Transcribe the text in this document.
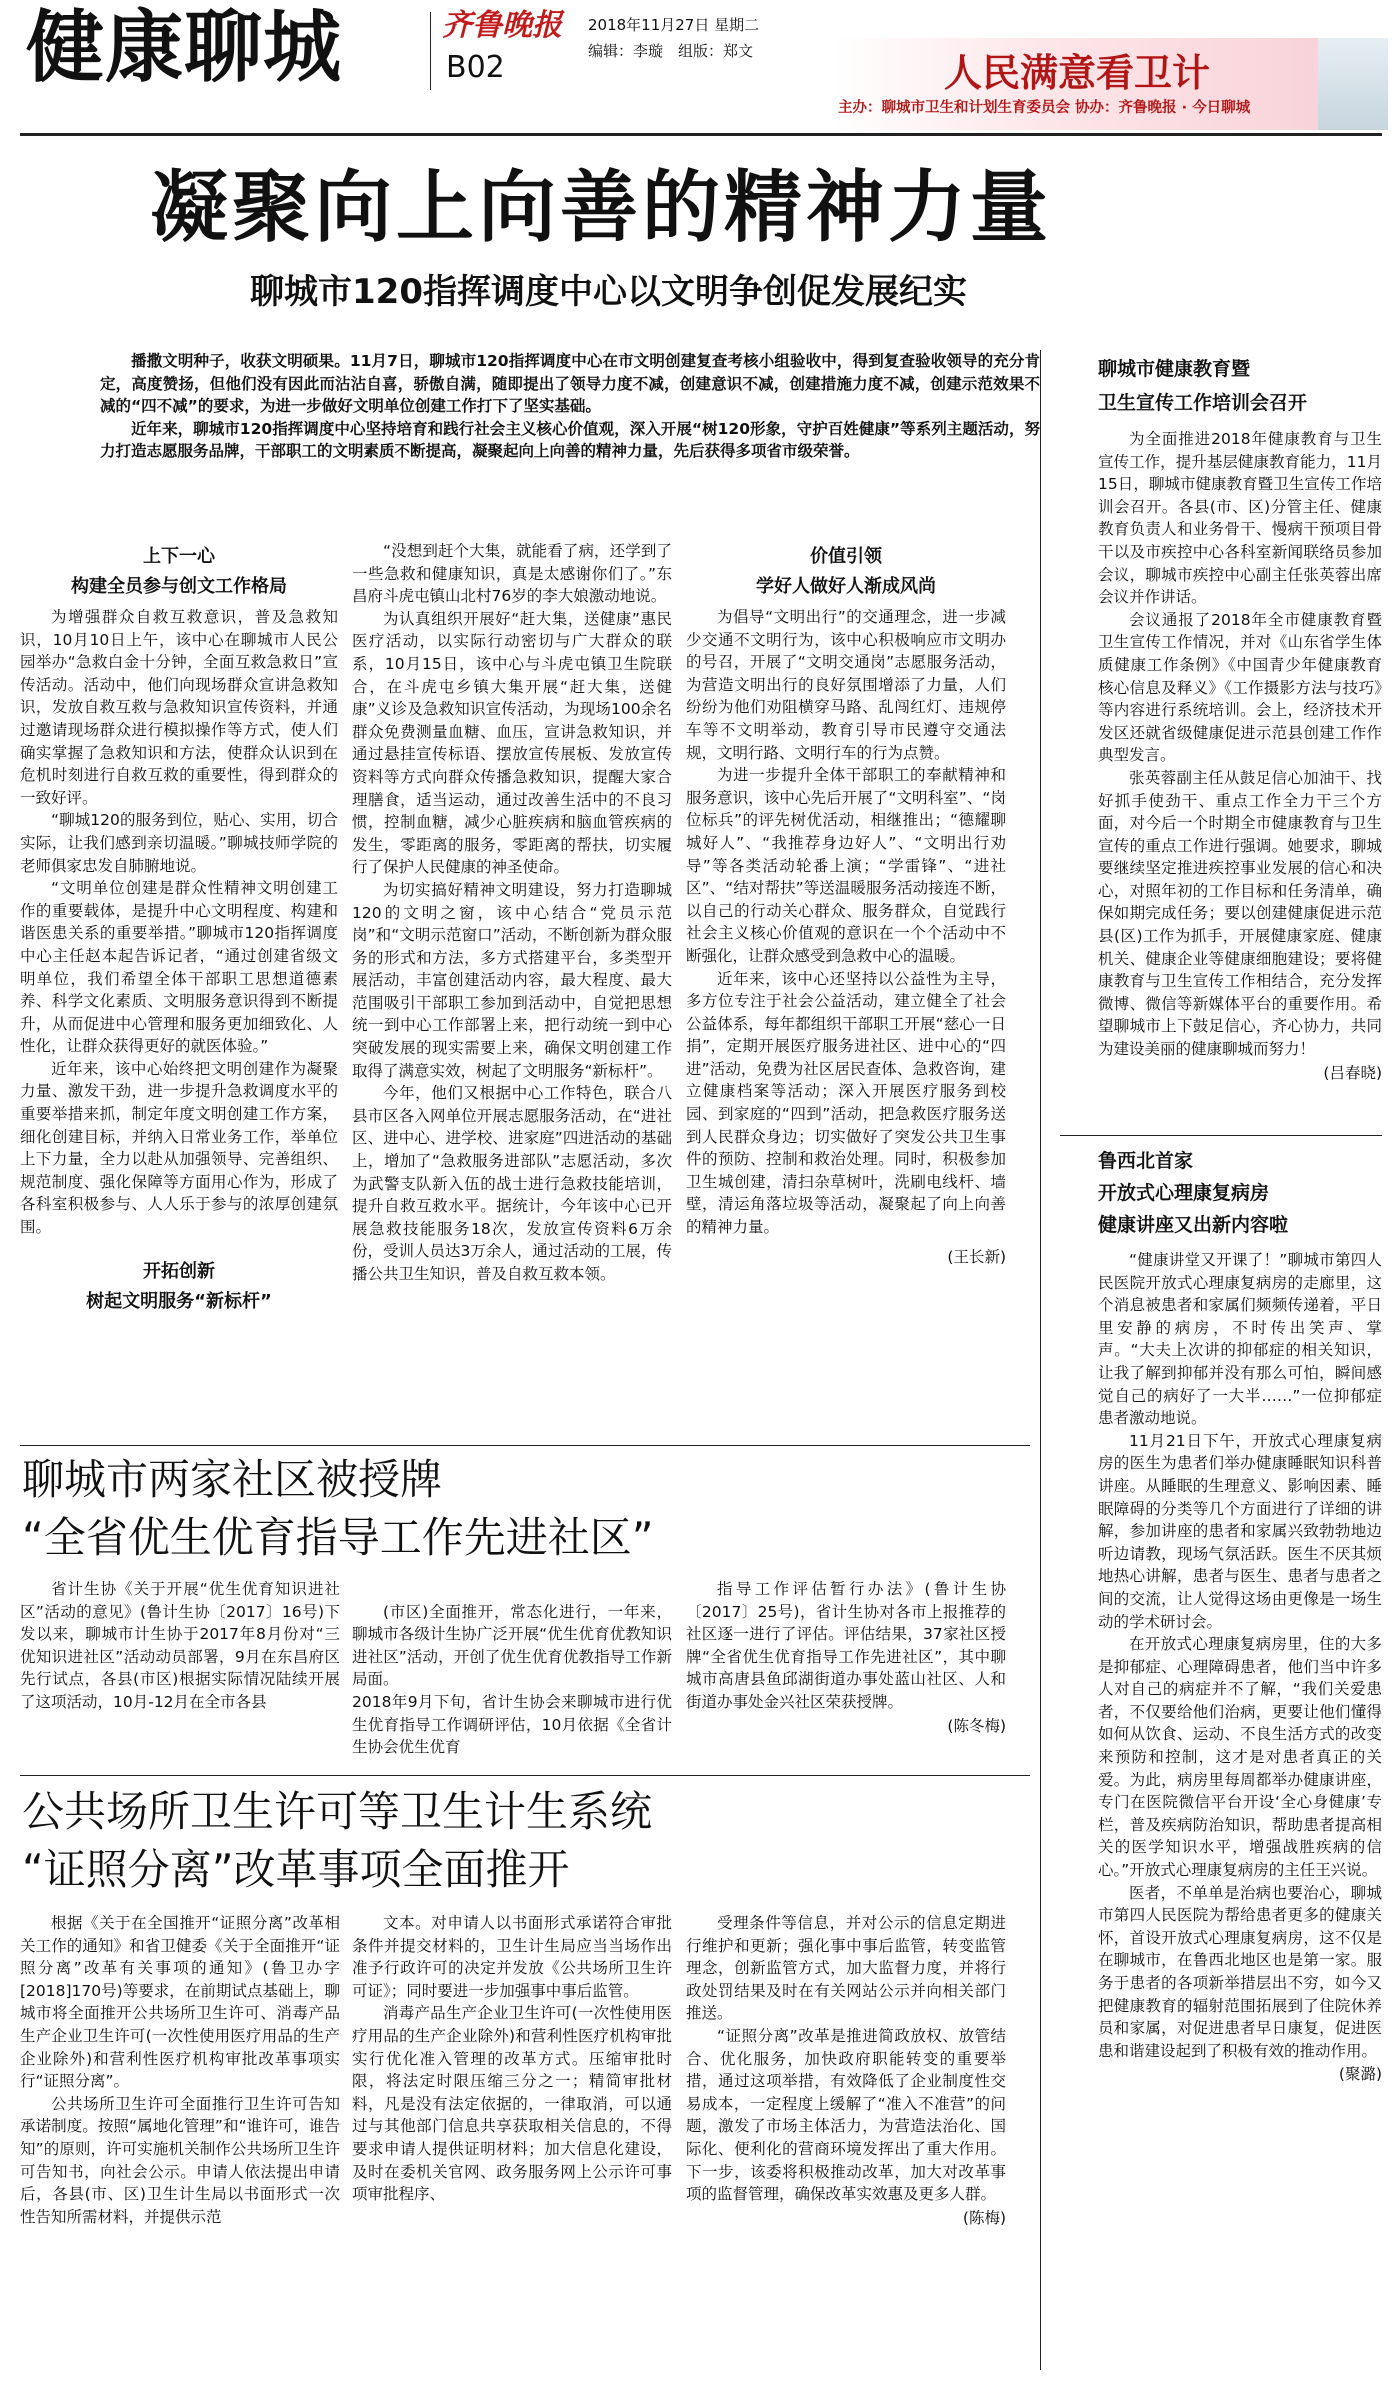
健康聊城	齐鲁晚报
B02
2018年11月27日 星期二
编辑：李璇　组版：郑文	人民满意看卫计
主办：聊城市卫生和计划生育委员会 协办：齐鲁晚报 · 今日聊城
凝聚向上向善的精神力量
聊城市120指挥调度中心以文明争创促发展纪实

播撒文明种子，收获文明硕果。11月7日，聊城市120指挥调度中心在市文明创建复查考核小组验收中，得到复查验收领导的充分肯定，高度赞扬，但他们没有因此而沾沾自喜，骄傲自满，随即提出了领导力度不减，创建意识不减，创建措施力度不减，创建示范效果不减的“四不减”的要求，为进一步做好文明单位创建工作打下了坚实基础。

近年来，聊城市120指挥调度中心坚持培育和践行社会主义核心价值观，深入开展“树120形象，守护百姓健康”等系列主题活动，努力打造志愿服务品牌，干部职工的文明素质不断提高，凝聚起向上向善的精神力量，先后获得多项省市级荣誉。

上下一心
构建全员参与创文工作格局

为增强群众自救互救意识，普及急救知识，10月10日上午，该中心在聊城市人民公园举办“急救白金十分钟，全面互救急救日”宣传活动。活动中，他们向现场群众宣讲急救知识，发放自救互救与急救知识宣传资料，并通过邀请现场群众进行模拟操作等方式，使人们确实掌握了急救知识和方法，使群众认识到在危机时刻进行自救互救的重要性，得到群众的一致好评。

“聊城120的服务到位，贴心、实用，切合实际，让我们感到亲切温暖。”聊城技师学院的老师俱家忠发自肺腑地说。

“文明单位创建是群众性精神文明创建工作的重要载体，是提升中心文明程度、构建和谐医患关系的重要举措。”聊城市120指挥调度中心主任赵本起告诉记者，“通过创建省级文明单位，我们希望全体干部职工思想道德素养、科学文化素质、文明服务意识得到不断提升，从而促进中心管理和服务更加细致化、人性化，让群众获得更好的就医体验。”

近年来，该中心始终把文明创建作为凝聚力量、激发干劲，进一步提升急救调度水平的重要举措来抓，制定年度文明创建工作方案，细化创建目标，并纳入日常业务工作，举单位上下力量，全力以赴从加强领导、完善组织、规范制度、强化保障等方面用心作为，形成了各科室积极参与、人人乐于参与的浓厚创建氛围。

开拓创新
树起文明服务“新标杆”

“没想到赶个大集，就能看了病，还学到了一些急救和健康知识，真是太感谢你们了。”东昌府斗虎屯镇山北村76岁的李大娘激动地说。

为认真组织开展好“赶大集，送健康”惠民医疗活动，以实际行动密切与广大群众的联系，10月15日，该中心与斗虎屯镇卫生院联合，在斗虎屯乡镇大集开展“赶大集，送健康”义诊及急救知识宣传活动，为现场100余名群众免费测量血糖、血压，宣讲急救知识，并通过悬挂宣传标语、摆放宣传展板、发放宣传资料等方式向群众传播急救知识，提醒大家合理膳食，适当运动，通过改善生活中的不良习惯，控制血糖，减少心脏疾病和脑血管疾病的发生，零距离的服务，零距离的帮扶，切实履行了保护人民健康的神圣使命。

为切实搞好精神文明建设，努力打造聊城120的文明之窗，该中心结合“党员示范岗”和“文明示范窗口”活动，不断创新为群众服务的形式和方法，多方式搭建平台，多类型开展活动，丰富创建活动内容，最大程度、最大范围吸引干部职工参加到活动中，自觉把思想统一到中心工作部署上来，把行动统一到中心突破发展的现实需要上来，确保文明创建工作取得了满意实效，树起了文明服务“新标杆”。

今年，他们又根据中心工作特色，联合八县市区各入网单位开展志愿服务活动，在“进社区、进中心、进学校、进家庭”四进活动的基础上，增加了“急救服务进部队”志愿活动，多次为武警支队新入伍的战士进行急救技能培训，提升自救互救水平。据统计，今年该中心已开展急救技能服务18次，发放宣传资料6万余份，受训人员达3万余人，通过活动的工展，传播公共卫生知识，普及自救互救本领。

价值引领
学好人做好人渐成风尚

为倡导“文明出行”的交通理念，进一步减少交通不文明行为，该中心积极响应市文明办的号召，开展了“文明交通岗”志愿服务活动，为营造文明出行的良好氛围增添了力量，人们纷纷为他们劝阻横穿马路、乱闯红灯、违规停车等不文明举动，教育引导市民遵守交通法规，文明行路、文明行车的行为点赞。

为进一步提升全体干部职工的奉献精神和服务意识，该中心先后开展了“文明科室”、“岗位标兵”的评先树优活动，相继推出；“德耀聊城好人”、“我推荐身边好人”、“文明出行劝导”等各类活动轮番上演；“学雷锋”、“进社区”、“结对帮扶”等送温暖服务活动接连不断，以自己的行动关心群众、服务群众，自觉践行社会主义核心价值观的意识在一个个活动中不断强化，让群众感受到急救中心的温暖。

近年来，该中心还坚持以公益性为主导，多方位专注于社会公益活动，建立健全了社会公益体系，每年都组织干部职工开展“慈心一日捐”，定期开展医疗服务进社区、进中心的“四进”活动，免费为社区居民查体、急救咨询，建立健康档案等活动；深入开展医疗服务到校园、到家庭的“四到”活动，把急救医疗服务送到人民群众身边；切实做好了突发公共卫生事件的预防、控制和救治处理。同时，积极参加卫生城创建，清扫杂草树叶，洗刷电线杆、墙壁，清运角落垃圾等活动，凝聚起了向上向善的精神力量。

(王长新)
聊城市两家社区被授牌
“全省优生优育指导工作先进社区”

省计生协《关于开展“优生优育知识进社区”活动的意见》(鲁计生协〔2017〕16号)下发以来，聊城市计生协于2017年8月份对“三优知识进社区”活动动员部署，9月在东昌府区先行试点，各县(市区)根据实际情况陆续开展了这项活动，10月-12月在全市各县

(市区)全面推开，常态化进行，一年来，聊城市各级计生协广泛开展“优生优育优教知识进社区”活动，开创了优生优育优教指导工作新局面。
2018年9月下旬，省计生协会来聊城市进行优生优育指导工作调研评估，10月依据《全省计生协会优生优育

指导工作评估暂行办法》(鲁计生协〔2017〕25号)，省计生协对各市上报推荐的社区逐一进行了评估。评估结果，37家社区授牌“全省优生优育指导工作先进社区”，其中聊城市高唐县鱼邱湖街道办事处蓝山社区、人和街道办事处金兴社区荣获授牌。

(陈冬梅)
公共场所卫生许可等卫生计生系统
“证照分离”改革事项全面推开

根据《关于在全国推开“证照分离”改革相关工作的通知》和省卫健委《关于全面推开“证照分离”改革有关事项的通知》(鲁卫办字[2018]170号)等要求，在前期试点基础上，聊城市将全面推开公共场所卫生许可、消毒产品生产企业卫生许可(一次性使用医疗用品的生产企业除外)和营利性医疗机构审批改革事项实行“证照分离”。

公共场所卫生许可全面推行卫生许可告知承诺制度。按照“属地化管理”和“谁许可，谁告知”的原则，许可实施机关制作公共场所卫生许可告知书，向社会公示。申请人依法提出申请后，各县(市、区)卫生计生局以书面形式一次性告知所需材料，并提供示范

文本。对申请人以书面形式承诺符合审批条件并提交材料的，卫生计生局应当当场作出准予行政许可的决定并发放《公共场所卫生许可证》；同时要进一步加强事中事后监管。

消毒产品生产企业卫生许可(一次性使用医疗用品的生产企业除外)和营利性医疗机构审批实行优化准入管理的改革方式。压缩审批时限，将法定时限压缩三分之一；精简审批材料，凡是没有法定依据的，一律取消，可以通过与其他部门信息共享获取相关信息的，不得要求申请人提供证明材料；加大信息化建设，及时在委机关官网、政务服务网上公示许可事项审批程序、

受理条件等信息，并对公示的信息定期进行维护和更新；强化事中事后监管，转变监管理念，创新监管方式，加大监督力度，并将行政处罚结果及时在有关网站公示并向相关部门推送。

“证照分离”改革是推进简政放权、放管结合、优化服务，加快政府职能转变的重要举措，通过这项举措，有效降低了企业制度性交易成本，一定程度上缓解了“准入不准营”的问题，激发了市场主体活力，为营造法治化、国际化、便利化的营商环境发挥出了重大作用。下一步，该委将积极推动改革，加大对改革事项的监督管理，确保改革实效惠及更多人群。

(陈梅)
聊城市健康教育暨
卫生宣传工作培训会召开

为全面推进2018年健康教育与卫生宣传工作，提升基层健康教育能力，11月15日，聊城市健康教育暨卫生宣传工作培训会召开。各县(市、区)分管主任、健康教育负责人和业务骨干、慢病干预项目骨干以及市疾控中心各科室新闻联络员参加会议，聊城市疾控中心副主任张英蓉出席会议并作讲话。

会议通报了2018年全市健康教育暨卫生宣传工作情况，并对《山东省学生体质健康工作条例》《中国青少年健康教育核心信息及释义》《工作摄影方法与技巧》等内容进行系统培训。会上，经济技术开发区还就省级健康促进示范县创建工作作典型发言。

张英蓉副主任从鼓足信心加油干、找好抓手使劲干、重点工作全力干三个方面，对今后一个时期全市健康教育与卫生宣传的重点工作进行强调。她要求，聊城要继续坚定推进疾控事业发展的信心和决心，对照年初的工作目标和任务清单，确保如期完成任务；要以创建健康促进示范县(区)工作为抓手，开展健康家庭、健康机关、健康企业等健康细胞建设；要将健康教育与卫生宣传工作相结合，充分发挥微博、微信等新媒体平台的重要作用。希望聊城市上下鼓足信心，齐心协力，共同为建设美丽的健康聊城而努力！

(吕春晓)
鲁西北首家
开放式心理康复病房
健康讲座又出新内容啦

“健康讲堂又开课了！”聊城市第四人民医院开放式心理康复病房的走廊里，这个消息被患者和家属们频频传递着，平日里安静的病房，不时传出笑声、掌声。“大夫上次讲的抑郁症的相关知识，让我了解到抑郁并没有那么可怕，瞬间感觉自己的病好了一大半……”一位抑郁症患者激动地说。

11月21日下午，开放式心理康复病房的医生为患者们举办健康睡眠知识科普讲座。从睡眠的生理意义、影响因素、睡眠障碍的分类等几个方面进行了详细的讲解，参加讲座的患者和家属兴致勃勃地边听边请教，现场气氛活跃。医生不厌其烦地热心讲解，患者与医生、患者与患者之间的交流，让人觉得这场由更像是一场生动的学术研讨会。

在开放式心理康复病房里，住的大多是抑郁症、心理障碍患者，他们当中许多人对自己的病症并不了解，“我们关爱患者，不仅要给他们治病，更要让他们懂得如何从饮食、运动、不良生活方式的改变来预防和控制，这才是对患者真正的关爱。为此，病房里每周都举办健康讲座，专门在医院微信平台开设‘全心身健康’专栏，普及疾病防治知识，帮助患者提高相关的医学知识水平，增强战胜疾病的信心。”开放式心理康复病房的主任王兴说。

医者，不单单是治病也要治心，聊城市第四人民医院为帮给患者更多的健康关怀，首设开放式心理康复病房，这不仅是在聊城市，在鲁西北地区也是第一家。服务于患者的各项新举措层出不穷，如今又把健康教育的辐射范围拓展到了住院休养员和家属，对促进患者早日康复，促进医患和谐建设起到了积极有效的推动作用。

(聚潞)
